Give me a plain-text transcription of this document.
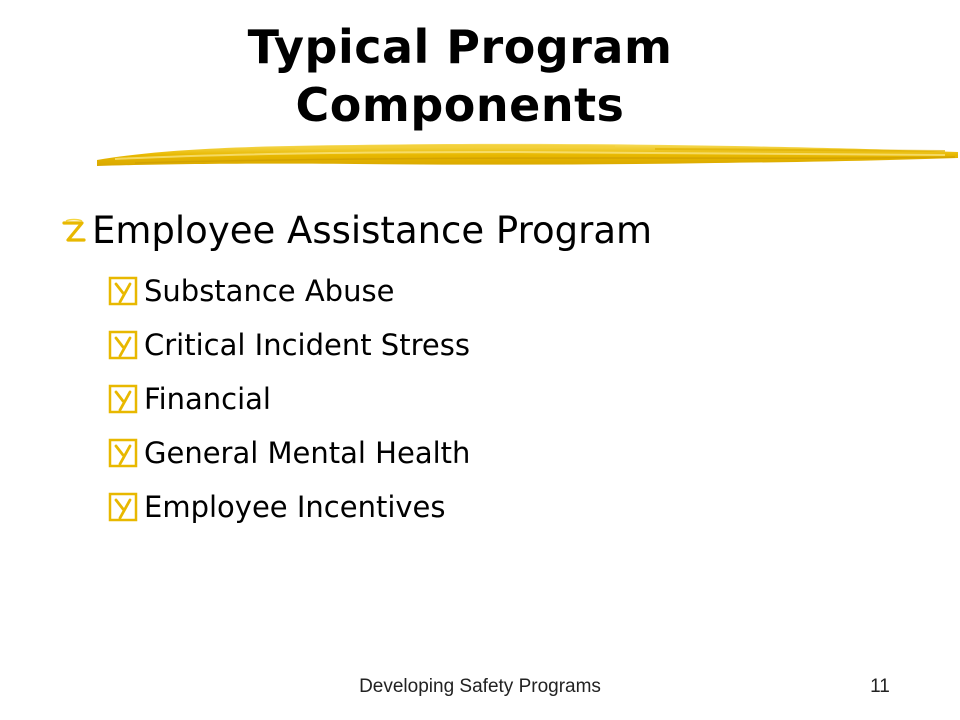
Typical Program
Components
Employee Assistance Program
Substance Abuse
Critical Incident Stress
Financial
General Mental Health
Employee Incentives
Developing Safety Programs	11
